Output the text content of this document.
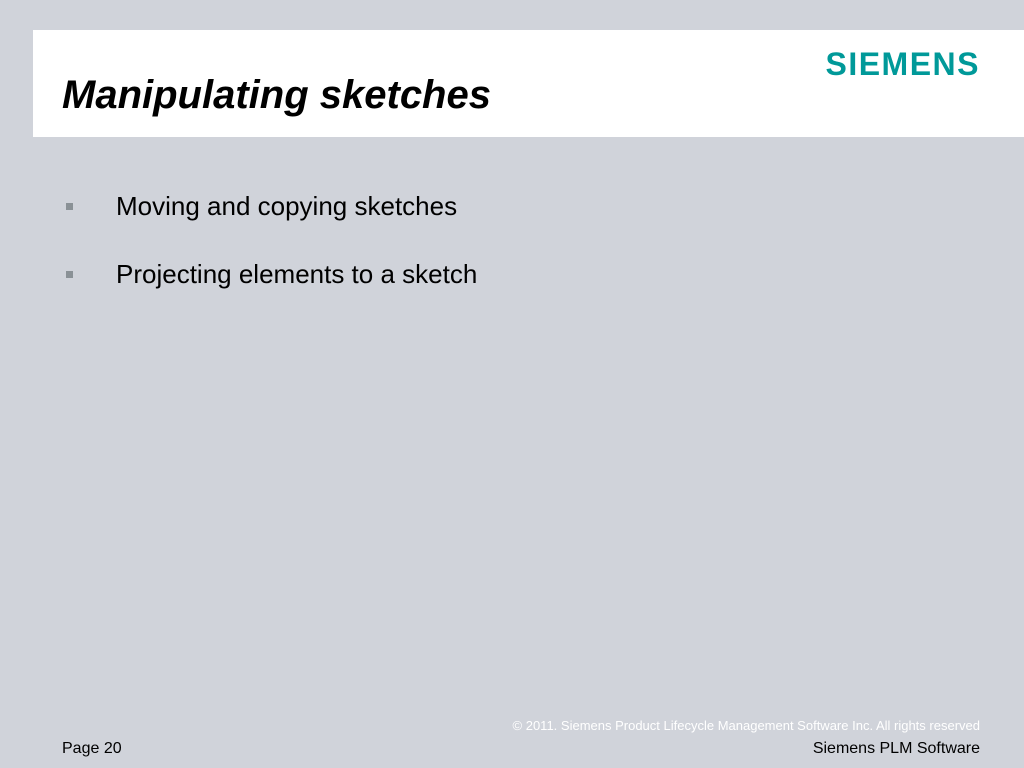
Manipulating sketches
SIEMENS
Moving and copying sketches
Projecting elements to a sketch
© 2011. Siemens Product Lifecycle Management Software Inc. All rights reserved
Page 20	Siemens PLM Software
